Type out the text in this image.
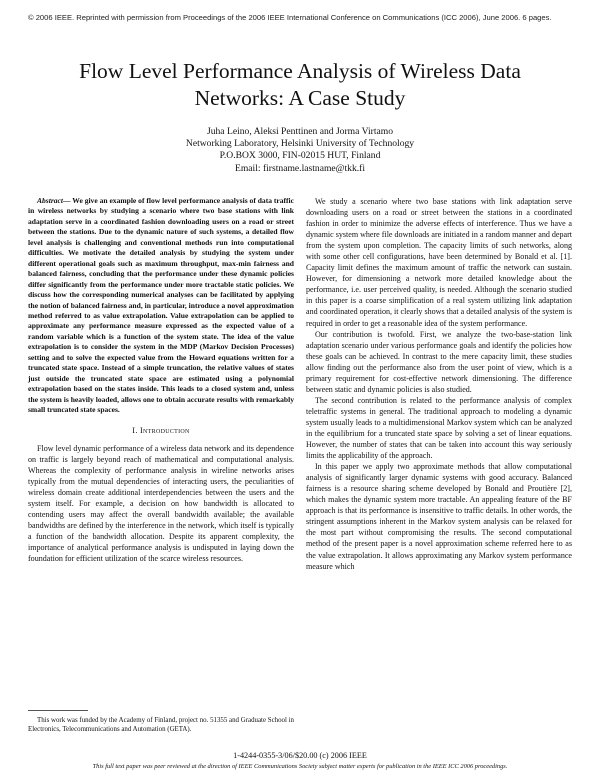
© 2006 IEEE. Reprinted with permission from Proceedings of the 2006 IEEE International Conference on Communications (ICC 2006), June 2006. 6 pages.
Flow Level Performance Analysis of Wireless Data
Networks: A Case Study
Juha Leino, Aleksi Penttinen and Jorma Virtamo
Networking Laboratory, Helsinki University of Technology
P.O.BOX 3000, FIN-02015 HUT, Finland
Email: firstname.lastname@tkk.fi

Abstract— We give an example of flow level performance analysis of data traffic in wireless networks by studying a scenario where two base stations with link adaptation serve in a coordinated fashion downloading users on a road or street between the stations. Due to the dynamic nature of such systems, a detailed flow level analysis is challenging and conventional methods run into computational difficulties. We motivate the detailed analysis by studying the system under different operational goals such as maximum throughput, max-min fairness and balanced fairness, concluding that the performance under these dynamic policies differ significantly from the performance under more tractable static policies. We discuss how the corresponding numerical analyses can be facilitated by applying the notion of balanced fairness and, in particular, introduce a novel approximation method referred to as value extrapolation. Value extrapolation can be applied to approximate any performance measure expressed as the expected value of a random variable which is a function of the system state. The idea of the value extrapolation is to consider the system in the MDP (Markov Decision Processes) setting and to solve the expected value from the Howard equations written for a truncated state space. Instead of a simple truncation, the relative values of states just outside the truncated state space are estimated using a polynomial extrapolation based on the states inside. This leads to a closed system and, unless the system is heavily loaded, allows one to obtain accurate results with remarkably small truncated state spaces.

I. Introduction

Flow level dynamic performance of a wireless data network and its dependence on traffic is largely beyond reach of mathematical and computational analysis. Whereas the complexity of performance analysis in wireline networks arises typically from the mutual dependencies of interacting users, the peculiarities of wireless domain create additional interdependencies between the users and the system itself. For example, a decision on how bandwidth is allocated to contending users may affect the overall bandwidth available; the available bandwidths are defined by the interference in the network, which itself is typically a function of the bandwidth allocation. Despite its apparent complexity, the importance of analytical performance analysis is undisputed in laying down the foundation for efficient utilization of the scarce wireless resources.

We study a scenario where two base stations with link adaptation serve downloading users on a road or street between the stations in a coordinated fashion in order to minimize the adverse effects of interference. Thus we have a dynamic system where file downloads are initiated in a random manner and depart from the system upon completion. The capacity limits of such networks, along with some other cell configurations, have been determined by Bonald et al. [1]. Capacity limit defines the maximum amount of traffic the network can sustain. However, for dimensioning a network more detailed knowledge about the performance, i.e. user perceived quality, is needed. Although the scenario studied in this paper is a coarse simplification of a real system utilizing link adaptation and coordinated operation, it clearly shows that a detailed analysis of the system is required in order to get a reasonable idea of the system performance.

Our contribution is twofold. First, we analyze the two-base-station link adaptation scenario under various performance goals and identify the policies how these goals can be achieved. In contrast to the mere capacity limit, these studies allow finding out the performance also from the user point of view, which is a primary requirement for cost-effective network dimensioning. The difference between static and dynamic policies is also studied.

The second contribution is related to the performance analysis of complex teletraffic systems in general. The traditional approach to modeling a dynamic system usually leads to a multidimensional Markov system which can be analyzed in the equilibrium for a truncated state space by solving a set of linear equations. However, the number of states that can be taken into account this way seriously limits the applicability of the approach.

In this paper we apply two approximate methods that allow computational analysis of significantly larger dynamic systems with good accuracy. Balanced fairness is a resource sharing scheme developed by Bonald and Proutière [2], which makes the dynamic system more tractable. An appealing feature of the BF approach is that its performance is insensitive to traffic details. In other words, the stringent assumptions inherent in the Markov system analysis can be relaxed for the most part without compromising the results. The second computational method of the present paper is a novel approximation scheme referred here to as the value extrapolation. It allows approximating any Markov system performance measure which

This work was funded by the Academy of Finland, project no. 51355 and Graduate School in Electronics, Telecommunications and Automation (GETA).

1-4244-0355-3/06/$20.00 (c) 2006 IEEE
This full text paper was peer reviewed at the direction of IEEE Communications Society subject matter experts for publication in the IEEE ICC 2006 proceedings.
